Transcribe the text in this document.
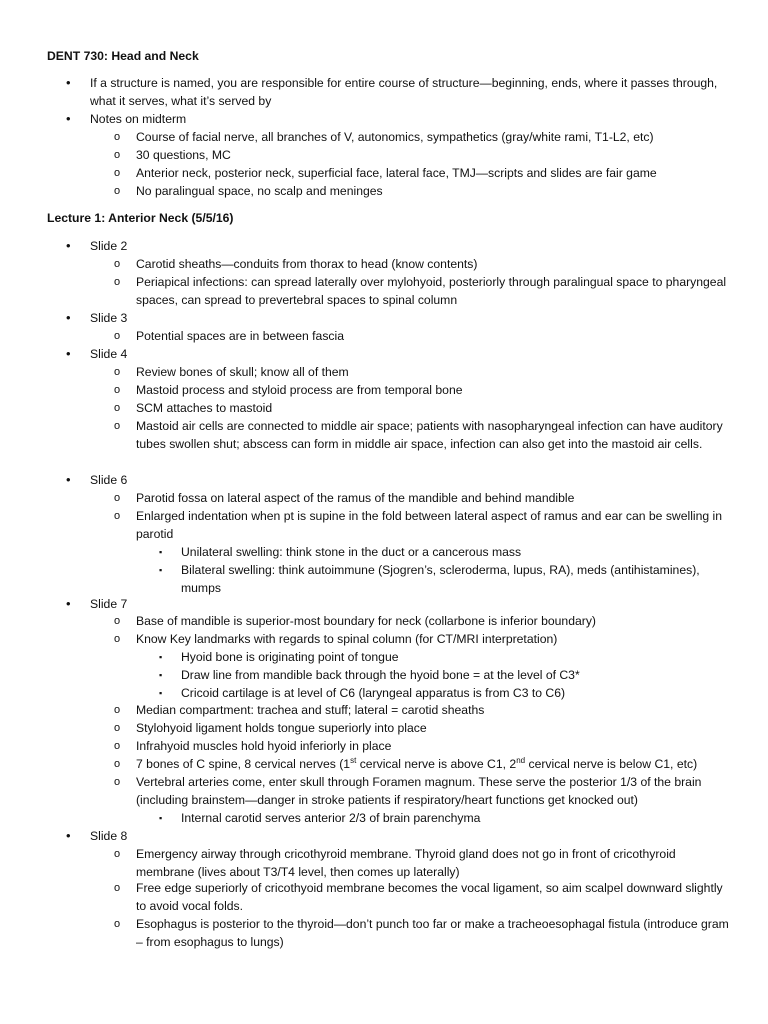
DENT 730: Head and Neck
• If a structure is named, you are responsible for entire course of structure—beginning, ends, where it passes through, what it serves, what it’s served by
• Notes on midterm
o Course of facial nerve, all branches of V, autonomics, sympathetics (gray/white rami, T1-L2, etc)
o 30 questions, MC
o Anterior neck, posterior neck, superficial face, lateral face, TMJ—scripts and slides are fair game
o No paralingual space, no scalp and meninges
Lecture 1: Anterior Neck (5/5/16)
• Slide 2
o Carotid sheaths—conduits from thorax to head (know contents)
o Periapical infections: can spread laterally over mylohyoid, posteriorly through paralingual space to pharyngeal spaces, can spread to prevertebral spaces to spinal column
• Slide 3
o Potential spaces are in between fascia
• Slide 4
o Review bones of skull; know all of them
o Mastoid process and styloid process are from temporal bone
o SCM attaches to mastoid
o Mastoid air cells are connected to middle air space; patients with nasopharyngeal infection can have auditory tubes swollen shut; abscess can form in middle air space, infection can also get into the mastoid air cells.
• Slide 6
o Parotid fossa on lateral aspect of the ramus of the mandible and behind mandible
o Enlarged indentation when pt is supine in the fold between lateral aspect of ramus and ear can be swelling in parotid
▪ Unilateral swelling: think stone in the duct or a cancerous mass
▪ Bilateral swelling: think autoimmune (Sjogren’s, scleroderma, lupus, RA), meds (antihistamines), mumps
• Slide 7
o Base of mandible is superior-most boundary for neck (collarbone is inferior boundary)
o Know Key landmarks with regards to spinal column (for CT/MRI interpretation)
▪ Hyoid bone is originating point of tongue
▪ Draw line from mandible back through the hyoid bone = at the level of C3*
▪ Cricoid cartilage is at level of C6 (laryngeal apparatus is from C3 to C6)
o Median compartment: trachea and stuff; lateral = carotid sheaths
o Stylohyoid ligament holds tongue superiorly into place
o Infrahyoid muscles hold hyoid inferiorly in place
o 7 bones of C spine, 8 cervical nerves (1st cervical nerve is above C1, 2nd cervical nerve is below C1, etc)
o Vertebral arteries come, enter skull through Foramen magnum. These serve the posterior 1/3 of the brain (including brainstem—danger in stroke patients if respiratory/heart functions get knocked out)
▪ Internal carotid serves anterior 2/3 of brain parenchyma
• Slide 8
o Emergency airway through cricothyroid membrane. Thyroid gland does not go in front of cricothyroid membrane (lives about T3/T4 level, then comes up laterally)
o Free edge superiorly of cricothyoid membrane becomes the vocal ligament, so aim scalpel downward slightly to avoid vocal folds.
o Esophagus is posterior to the thyroid—don’t punch too far or make a tracheoesophagal fistula (introduce gram – from esophagus to lungs)
